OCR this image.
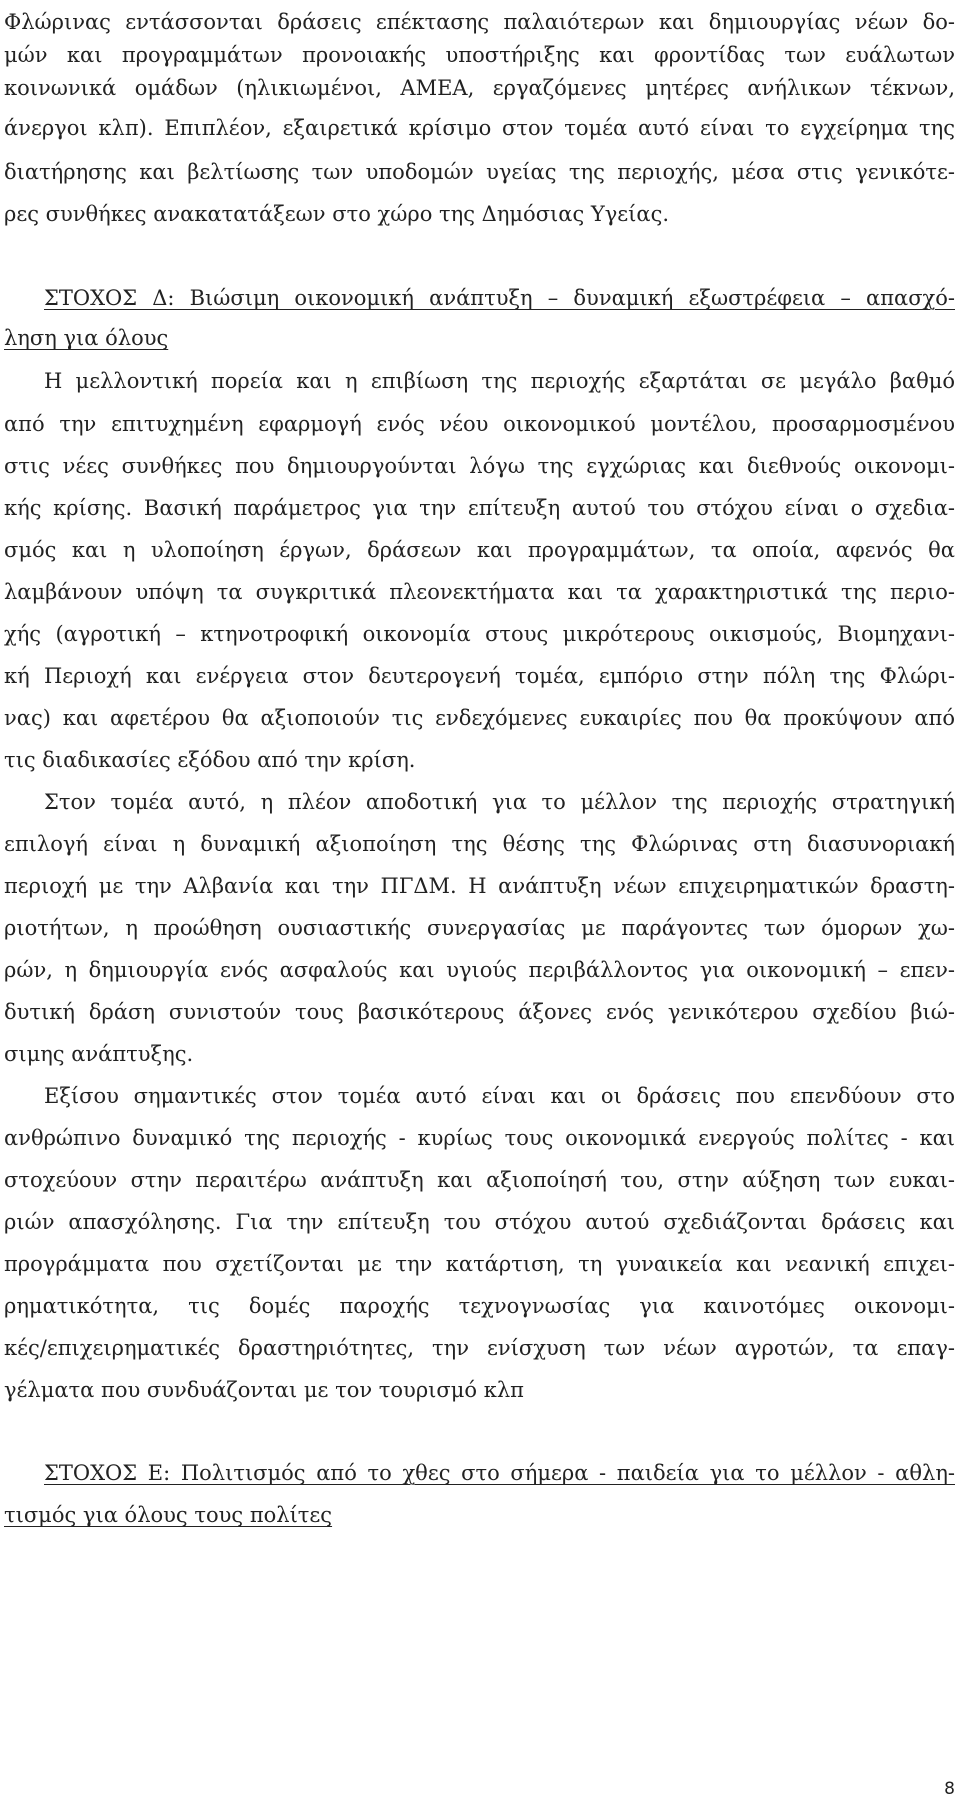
Φλώρινας εντάσσονται δράσεις επέκτασης παλαιότερων και δημιουργίας νέων δο-
μών και προγραμμάτων προνοιακής υποστήριξης και φροντίδας των ευάλωτων
κοινωνικά ομάδων (ηλικιωμένοι, ΑΜΕΑ, εργαζόμενες μητέρες ανήλικων τέκνων,
άνεργοι κλπ). Επιπλέον, εξαιρετικά κρίσιμο στον τομέα αυτό είναι το εγχείρημα της
διατήρησης και βελτίωσης των υποδομών υγείας της περιοχής, μέσα στις γενικότε-
ρες συνθήκες ανακατατάξεων στο χώρο της Δημόσιας Υγείας.
ΣΤΟΧΟΣ Δ: Βιώσιμη οικονομική ανάπτυξη – δυναμική εξωστρέφεια – απασχό-
ληση για όλους
Η μελλοντική πορεία και η επιβίωση της περιοχής εξαρτάται σε μεγάλο βαθμό
από την επιτυχημένη εφαρμογή ενός νέου οικονομικού μοντέλου, προσαρμοσμένου
στις νέες συνθήκες που δημιουργούνται λόγω της εγχώριας και διεθνούς οικονομι-
κής κρίσης. Βασική παράμετρος για την επίτευξη αυτού του στόχου είναι ο σχεδια-
σμός και η υλοποίηση έργων, δράσεων και προγραμμάτων, τα οποία, αφενός θα
λαμβάνουν υπόψη τα συγκριτικά πλεονεκτήματα και τα χαρακτηριστικά της περιο-
χής (αγροτική – κτηνοτροφική οικονομία στους μικρότερους οικισμούς, Βιομηχανι-
κή Περιοχή και ενέργεια στον δευτερογενή τομέα, εμπόριο στην πόλη της Φλώρι-
νας) και αφετέρου θα αξιοποιούν τις ενδεχόμενες ευκαιρίες που θα προκύψουν από
τις διαδικασίες εξόδου από την κρίση.
Στον τομέα αυτό, η πλέον αποδοτική για το μέλλον της περιοχής στρατηγική
επιλογή είναι η δυναμική αξιοποίηση της θέσης της Φλώρινας στη διασυνοριακή
περιοχή με την Αλβανία και την ΠΓΔΜ. Η ανάπτυξη νέων επιχειρηματικών δραστη-
ριοτήτων, η προώθηση ουσιαστικής συνεργασίας με παράγοντες των όμορων χω-
ρών, η δημιουργία ενός ασφαλούς και υγιούς περιβάλλοντος για οικονομική – επεν-
δυτική δράση συνιστούν τους βασικότερους άξονες ενός γενικότερου σχεδίου βιώ-
σιμης ανάπτυξης.
Εξίσου σημαντικές στον τομέα αυτό είναι και οι δράσεις που επενδύουν στο
ανθρώπινο δυναμικό της περιοχής - κυρίως τους οικονομικά ενεργούς πολίτες - και
στοχεύουν στην περαιτέρω ανάπτυξη και αξιοποίησή του, στην αύξηση των ευκαι-
ριών απασχόλησης. Για την επίτευξη του στόχου αυτού σχεδιάζονται δράσεις και
προγράμματα που σχετίζονται με την κατάρτιση, τη γυναικεία και νεανική επιχει-
ρηματικότητα, τις δομές παροχής τεχνογνωσίας για καινοτόμες οικονομι-
κές/επιχειρηματικές δραστηριότητες, την ενίσχυση των νέων αγροτών, τα επαγ-
γέλματα που συνδυάζονται με τον τουρισμό κλπ
ΣΤΟΧΟΣ Ε: Πολιτισμός από το χθες στο σήμερα - παιδεία για το μέλλον - αθλη-
τισμός για όλους τους πολίτες
8
